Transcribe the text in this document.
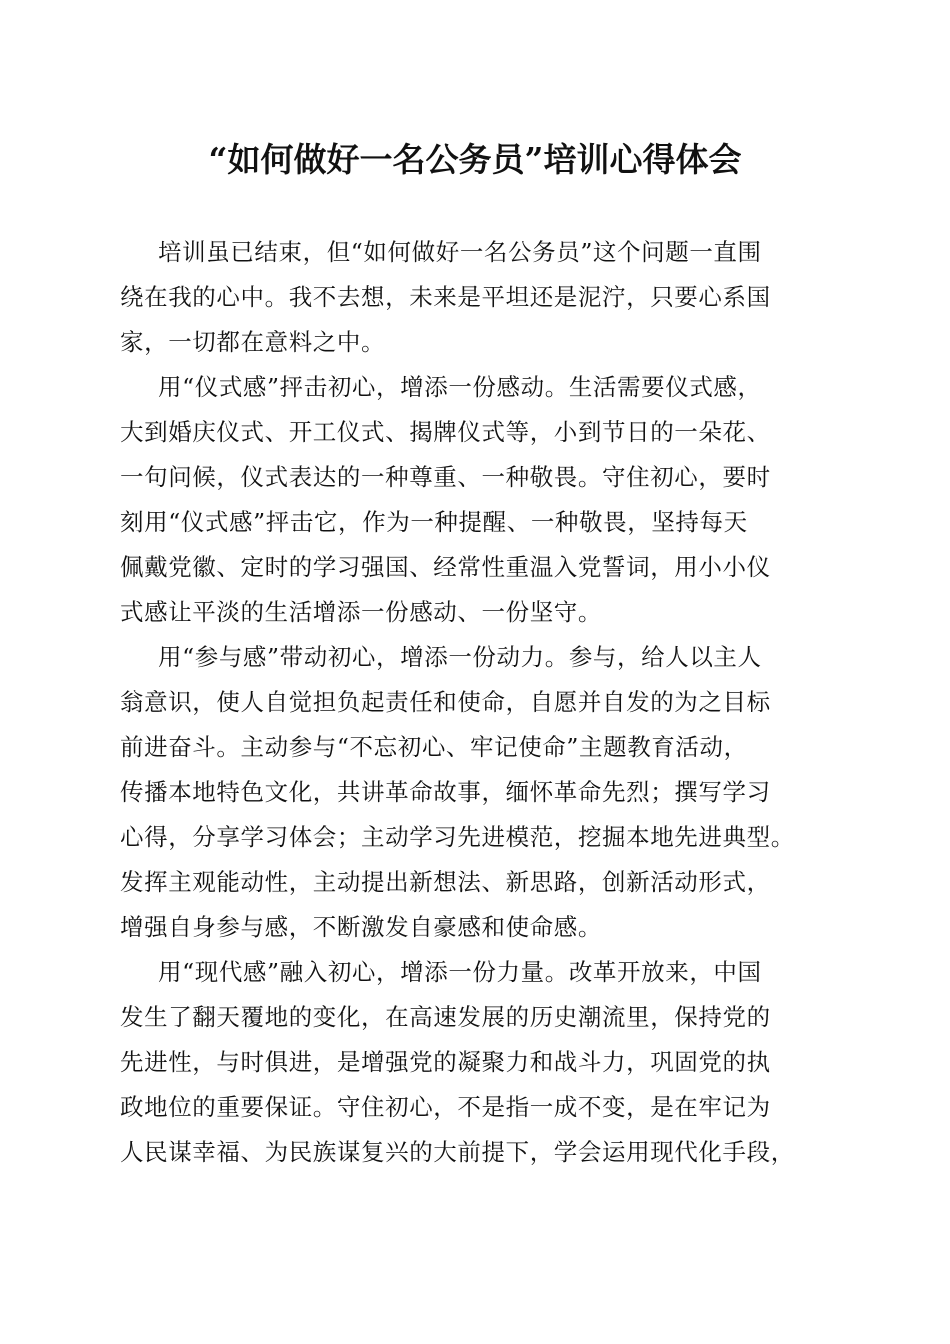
“如何做好一名公务员”培训心得体会

培训虽已结束，但“如何做好一名公务员”这个问题一直围
绕在我的心中。我不去想，未来是平坦还是泥泞，只要心系国
家，一切都在意料之中。

用“仪式感”抨击初心，增添一份感动。生活需要仪式感，
大到婚庆仪式、开工仪式、揭牌仪式等，小到节日的一朵花、
一句问候，仪式表达的一种尊重、一种敬畏。守住初心，要时
刻用“仪式感”抨击它，作为一种提醒、一种敬畏，坚持每天
佩戴党徽、定时的学习强国、经常性重温入党誓词，用小小仪
式感让平淡的生活增添一份感动、一份坚守。

用“参与感”带动初心，增添一份动力。参与，给人以主人
翁意识，使人自觉担负起责任和使命，自愿并自发的为之目标
前进奋斗。主动参与“不忘初心、牢记使命”主题教育活动，
传播本地特色文化，共讲革命故事，缅怀革命先烈；撰写学习
心得，分享学习体会；主动学习先进模范，挖掘本地先进典型。
发挥主观能动性，主动提出新想法、新思路，创新活动形式，
增强自身参与感，不断激发自豪感和使命感。

用“现代感”融入初心，增添一份力量。改革开放来，中国
发生了翻天覆地的变化，在高速发展的历史潮流里，保持党的
先进性，与时俱进，是增强党的凝聚力和战斗力，巩固党的执
政地位的重要保证。守住初心，不是指一成不变，是在牢记为
人民谋幸福、为民族谋复兴的大前提下，学会运用现代化手段，
